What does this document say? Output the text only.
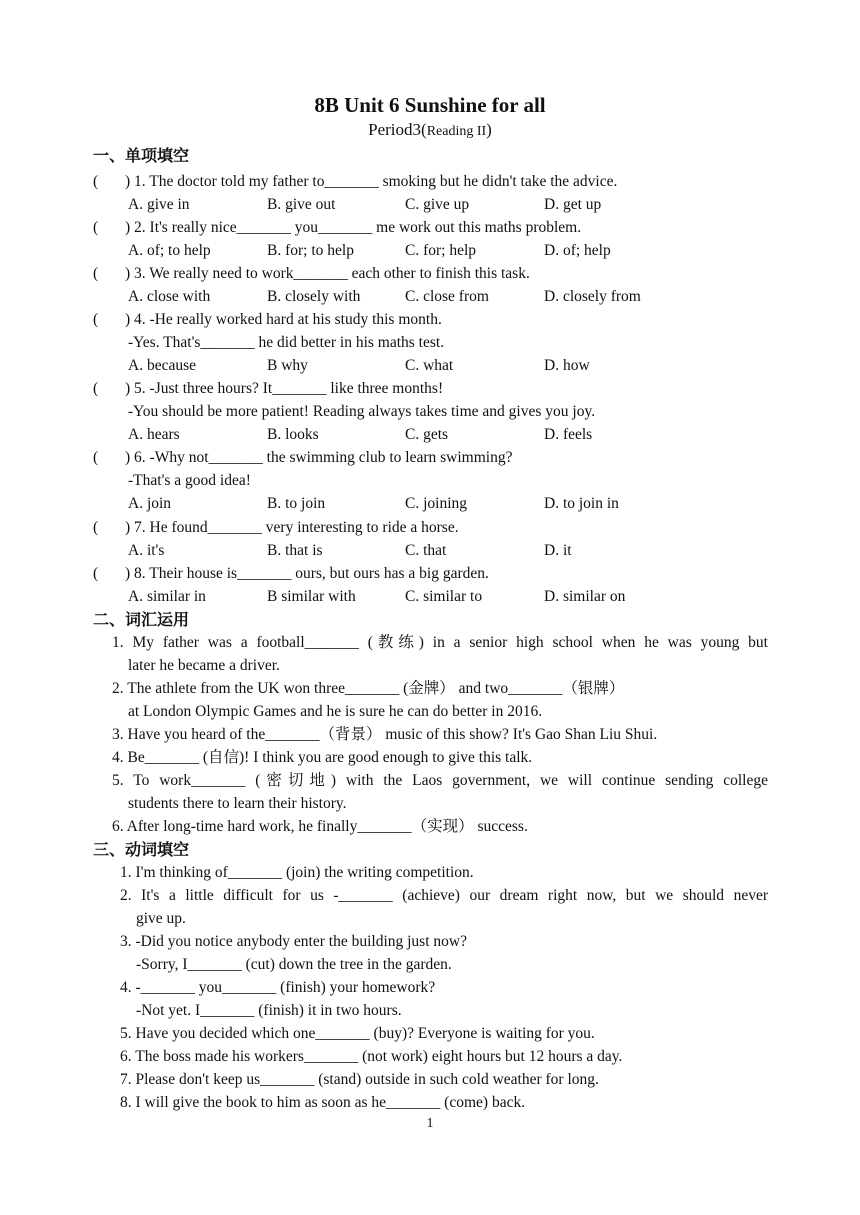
8B Unit 6 Sunshine for all
Period3(Reading II)
一、单项填空
( ) 1. The doctor told my father to_______ smoking but he didn't take the advice.
A. give in	B. give out	C. give up	D. get up
( ) 2. It's really nice_______ you_______ me work out this maths problem.
A. of; to help	B. for; to help	C. for; help	D. of; help
( ) 3. We really need to work_______ each other to finish this task.
A. close with	B. closely with	C. close from	D. closely from
( ) 4. -He really worked hard at his study this month.
-Yes. That's_______ he did better in his maths test.
A. because	B why	C. what	D. how
( ) 5. -Just three hours? It_______ like three months!
-You should be more patient! Reading always takes time and gives you joy.
A. hears	B. looks	C. gets	D. feels
( ) 6. -Why not_______ the swimming club to learn swimming?
-That's a good idea!
A. join	B. to join	C. joining	D. to join in
( ) 7. He found_______ very interesting to ride a horse.
A. it's	B. that is	C. that	D. it
( ) 8. Their house is_______ ours, but ours has a big garden.
A. similar in	B similar with	C. similar to	D. similar on
二、词汇运用
1. My father was a football_______ (教练) in a senior high school when he was young but
later he became a driver.
2. The athlete from the UK won three_______ (金牌） and two_______（银牌）
at London Olympic Games and he is sure he can do better in 2016.
3. Have you heard of the_______（背景） music of this show? It's Gao Shan Liu Shui.
4. Be_______ (自信)! I think you are good enough to give this talk.
5. To work_______ (密切地) with the Laos government, we will continue sending college
students there to learn their history.
6. After long-time hard work, he finally_______（实现） success.
三、动词填空
1. I'm thinking of_______ (join) the writing competition.
2. It's a little difficult for us -_______ (achieve) our dream right now, but we should never
give up.
3. -Did you notice anybody enter the building just now?
-Sorry, I_______ (cut) down the tree in the garden.
4. -_______ you_______ (finish) your homework?
-Not yet. I_______ (finish) it in two hours.
5. Have you decided which one_______ (buy)? Everyone is waiting for you.
6. The boss made his workers_______ (not work) eight hours but 12 hours a day.
7. Please don't keep us_______ (stand) outside in such cold weather for long.
8. I will give the book to him as soon as he_______ (come) back.
1
